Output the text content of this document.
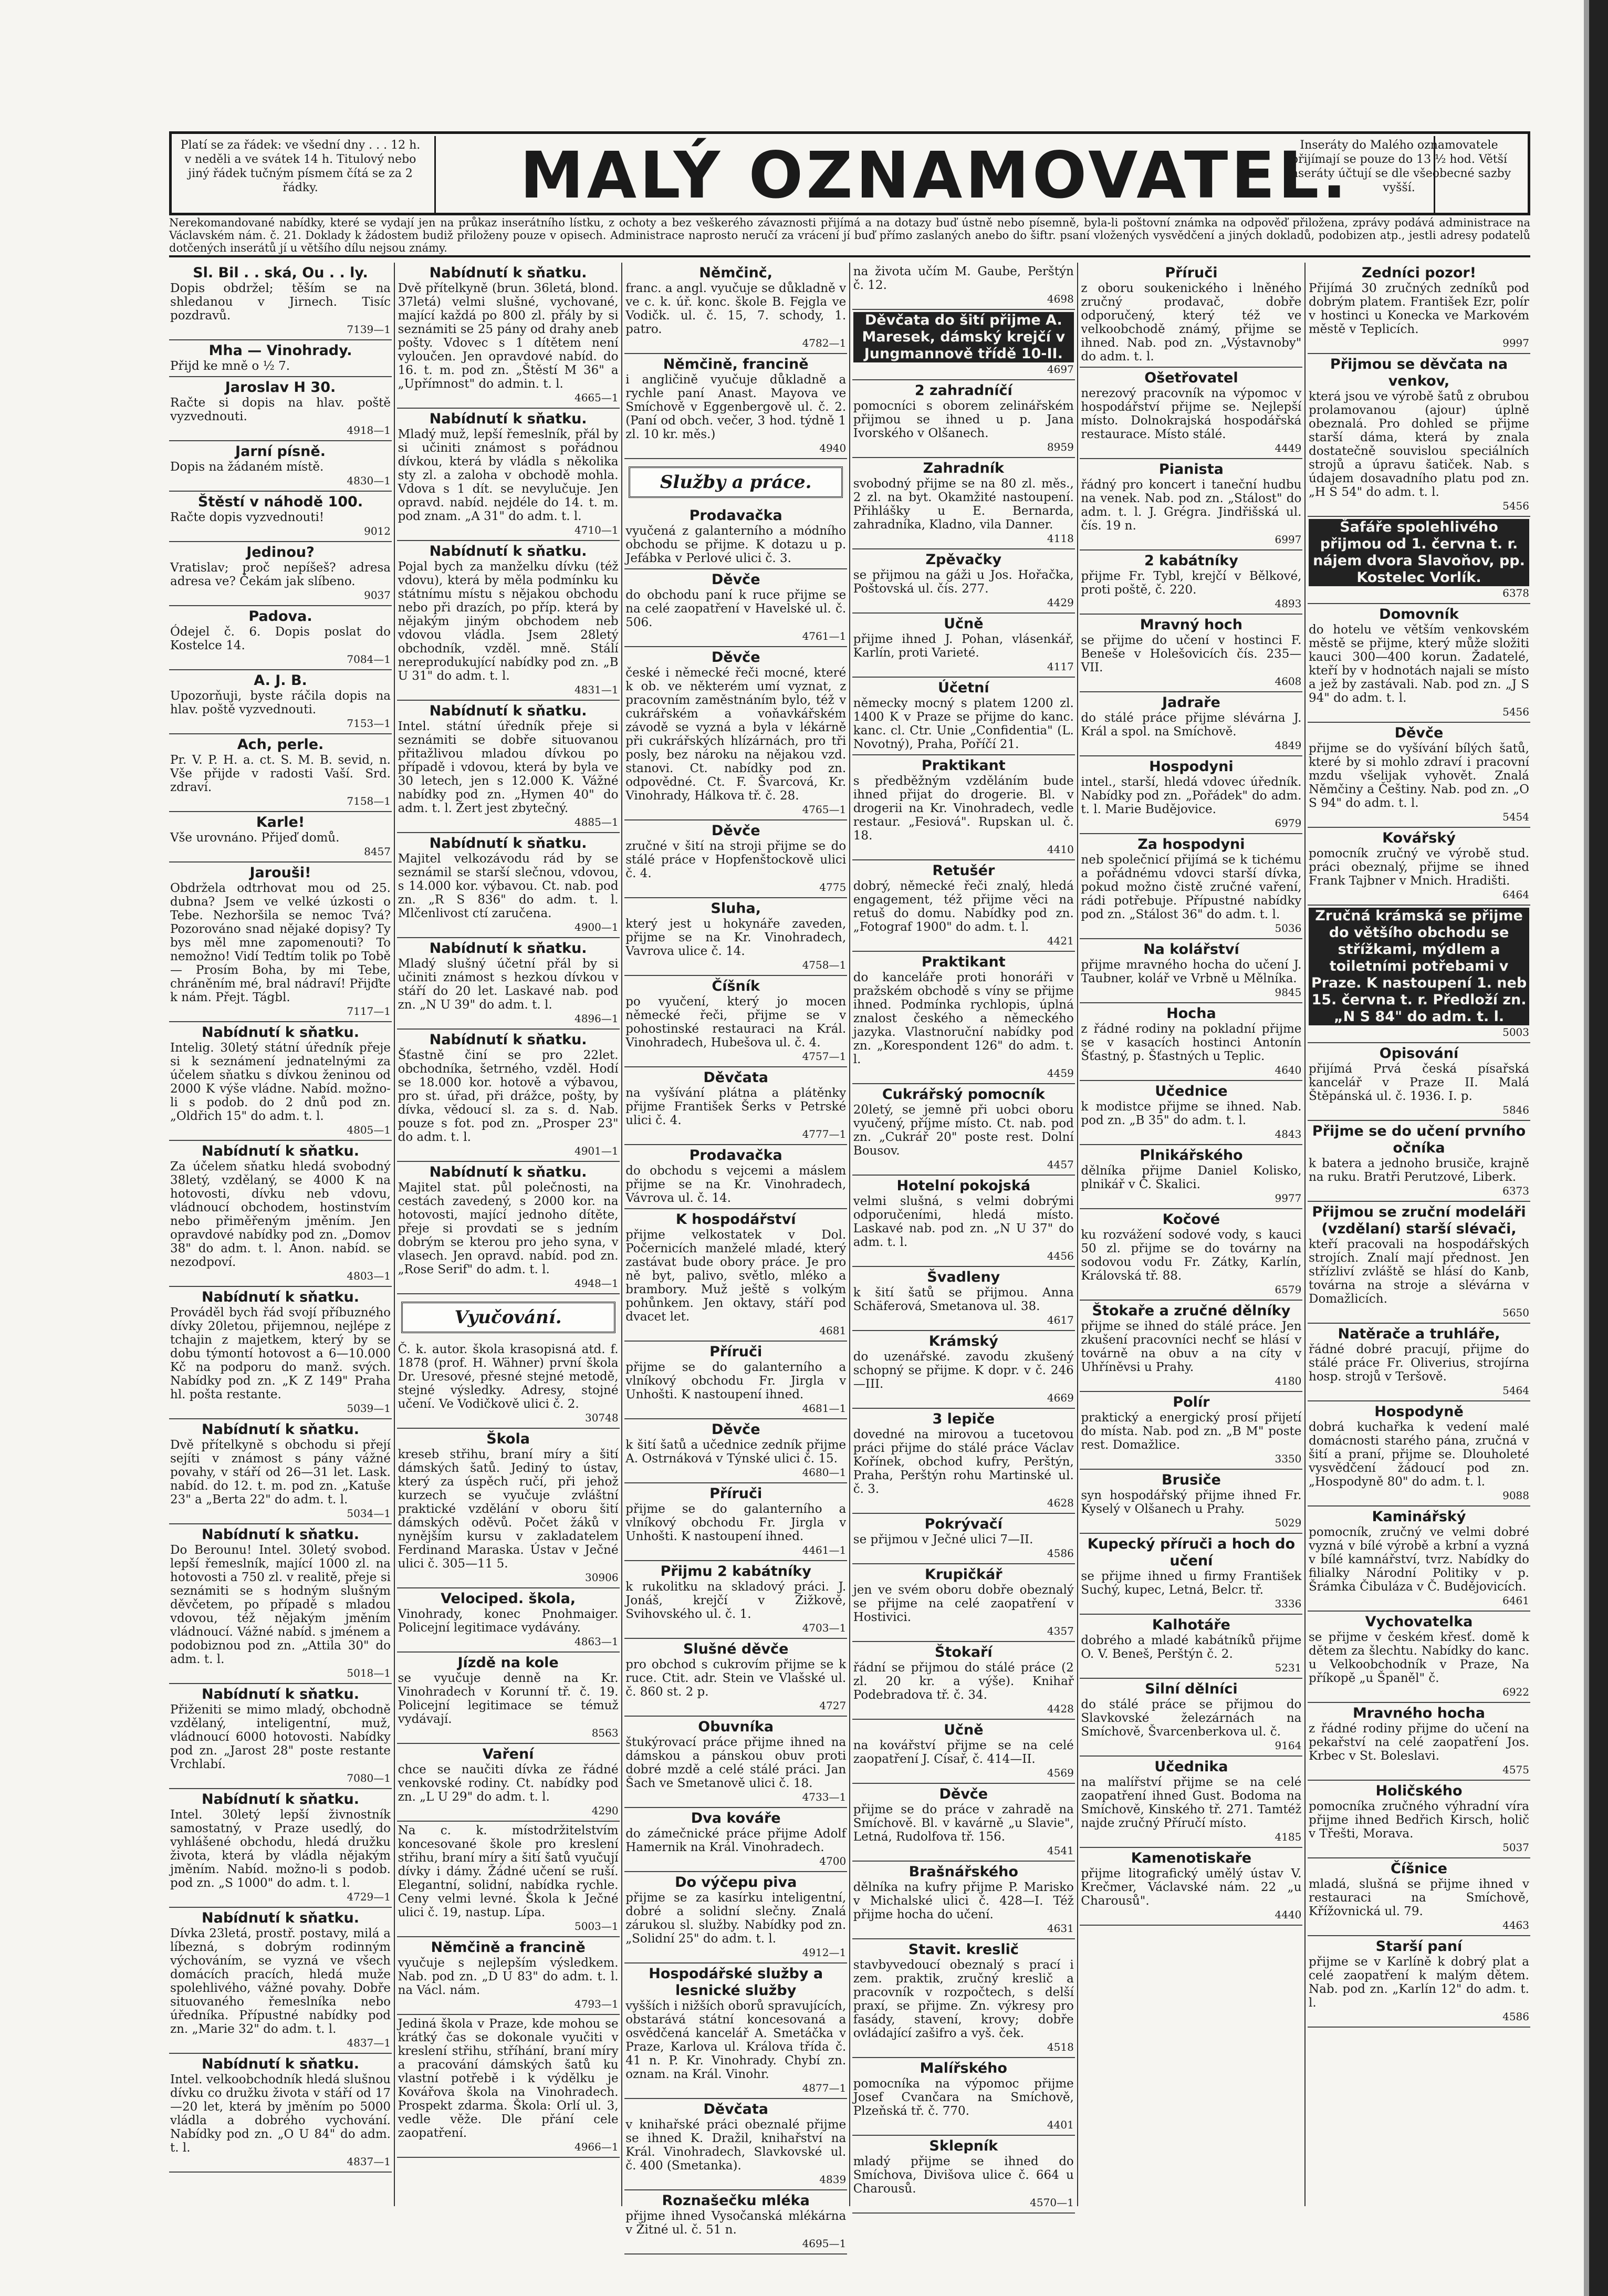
Platí se za řádek: ve všední dny . . . 12 h. v neděli a ve svátek 14 h. Titulový nebo jiný řádek tučným písmem čítá se za 2 řádky.	MALÝ OZNAMOVATEL.
Inseráty do Malého oznamovatele přijímají se pouze do 13 ½ hod. Větší inseráty účtují se dle všeobecné sazby vyšší.
Nerekomandované nabídky, které se vydají jen na průkaz inserátního lístku, z ochoty a bez veškerého závaznosti přijímá a na dotazy buď ústně nebo písemně, byla-li poštovní známka na odpověď přiložena, zprávy podává administrace na Václavském nám. č. 21. Doklady k žádostem budiž přiloženy pouze v opisech. Administrace naprosto neručí za vrácení jí buď přímo zaslaných anebo do šiftr. psaní vložených vysvědčení a jiných dokladů, podobizen atp., jestli adresy podatelů dotčených inserátů jí u většího dílu nejsou známy.
Sl. Bil . . ská, Ou . . ly.
Dopis obdržel; těším se na shledanou v Jirnech. Tisíc pozdravů.
7139—1
Mha — Vinohrady.
Přijd ke mně o ½ 7.
Jaroslav H 30.
Račte si dopis na hlav. poště vyzvednouti.
4918—1
Jarní písně.
Dopis na žádaném místě.
4830—1
Štěstí v náhodě 100.
Račte dopis vyzvednouti!
9012
Jedinou?
Vratislav; proč nepíšeš? adresa adresa ve? Čekám jak slíbeno.
9037
Padova.
Ódejel č. 6. Dopis poslat do Kostelce 14.
7084—1
A. J. B.
Upozorňuji, byste ráčila dopis na hlav. poště vyzvednouti.
7153—1
Ach, perle.
Pr. V. P. H. a. ct. S. M. B. sevid, n. Vše přijde v radosti Vaší. Srd. zdraví.
7158—1
Karle!
Vše urovnáno. Přijeď domů.
8457
Jarouši!
Obdržela odtrhovat mou od 25. dubna? Jsem ve velké úzkosti o Tebe. Nezhoršila se nemoc Tvá? Pozorováno snad nějaké dopisy? Ty bys měl mne zapomenouti? To nemožno! Vidí Tedtím tolik po Tobě — Prosím Boha, by mi Tebe, chráněním mé, bral nádraví! Přijďte k nám. Přejt. Tágbl.
7117—1
Nabídnutí k sňatku.
Intelig. 30letý státní úředník přeje si k seznámení jednatelnými za účelem sňatku s dívkou ženinou od 2000 K výše vládne. Nabíd. možno-li s podob. do 2 dnů pod zn. „Oldřich 15" do adm. t. l.
4805—1
Nabídnutí k sňatku.
Za účelem sňatku hledá svobodný 38letý, vzdělaný, se 4000 K na hotovosti, dívku neb vdovu, vládnoucí obchodem, hostinstvím nebo přiměřeným jměním. Jen opravdové nabídky pod zn. „Domov 38" do adm. t. l. Anon. nabíd. se nezodpoví.
4803—1
Nabídnutí k sňatku.
Prováděl bych řád svojí příbuzného dívky 20letou, přijemnou, nejlépe z tchajin z majetkem, který by se dobu týmontí hotovost a 6—10.000 Kč na podporu do manž. svých. Nabídky pod zn. „K Z 149" Praha hl. pošta restante.
5039—1
Nabídnutí k sňatku.
Dvě přítelkyně s obchodu si přejí sejíti v známost s pány vážné povahy, v stáří od 26—31 let. Lask. nabíd. do 12. t. m. pod zn. „Katuše 23" a „Berta 22" do adm. t. l.
5034—1
Nabídnutí k sňatku.
Do Berounu! Intel. 30letý svobod. lepší řemeslník, mající 1000 zl. na hotovosti a 750 zl. v realitě, přeje si seznámiti se s hodným slušným děvčetem, po případě s mladou vdovou, též nějakým jměním vládnoucí. Vážné nabíd. s jménem a podobiznou pod zn. „Attila 30" do adm. t. l.
5018—1
Nabídnutí k sňatku.
Přiženiti se mimo mladý, obchodně vzdělaný, inteligentní, muž, vládnoucí 6000 hotovosti. Nabídky pod zn. „Jarost 28" poste restante Vrchlabí.
7080—1
Nabídnutí k sňatku.
Intel. 30letý lepší živnostník samostatný, v Praze usedlý, do vyhlášené obchodu, hledá družku života, která by vládla nějakým jměním. Nabíd. možno-li s podob. pod zn. „S 1000" do adm. t. l.
4729—1
Nabídnutí k sňatku.
Dívka 23letá, prostř. postavy, milá a líbezná, s dobrým rodinným výchováním, se vyzná ve všech domácích pracích, hledá muže spolehlivého, vážné povahy. Dobře situovaného řemeslníka nebo úředníka. Přípustné nabídky pod zn. „Marie 32" do adm. t. l.
4837—1
Nabídnutí k sňatku.
Intel. velkoobchodník hledá slušnou dívku co družku života v stáří od 17—20 let, která by jměním po 5000 vládla a dobrého vychování. Nabídky pod zn. „O U 84" do adm. t. l.
4837—1
Nabídnutí k sňatku.
Dvě přítelkyně (brun. 36letá, blond. 37letá) velmi slušné, vychované, mající každá po 800 zl. přály by si seznámiti se 25 pány od drahy aneb pošty. Vdovec s 1 dítětem není vyloučen. Jen opravdové nabíd. do 16. t. m. pod zn. „Štěstí M 36" a „Upřímnost" do admin. t. l.
4665—1
Nabídnutí k sňatku.
Mladý muž, lepší řemeslník, přál by si učiniti známost s pořádnou dívkou, která by vládla s několika sty zl. a zaloha v obchodě mohla. Vdova s 1 dít. se nevylučuje. Jen opravd. nabíd. nejdéle do 14. t. m. pod znam. „A 31" do adm. t. l.
4710—1
Nabídnutí k sňatku.
Pojal bych za manželku dívku (též vdovu), která by měla podmínku ku státnímu místu s nějakou obchodu nebo při drazích, po příp. která by nějakým jiným obchodem neb vdovou vládla. Jsem 28letý obchodník, vzděl. mně. Stálí nereprodukující nabídky pod zn. „B U 31" do adm. t. l.
4831—1
Nabídnutí k sňatku.
Intel. státní úředník přeje si seznámiti se dobře situovanou přitažlivou mladou dívkou po případě i vdovou, která by byla ve 30 letech, jen s 12.000 K. Vážné nabídky pod zn. „Hymen 40" do adm. t. l. Žert jest zbytečný.
4885—1
Nabídnutí k sňatku.
Majitel velkozávodu rád by se seznámil se starší slečnou, vdovou, s 14.000 kor. výbavou. Ct. nab. pod zn. „R S 836" do adm. t. l. Mlčenlivost ctí zaručena.
4900—1
Nabídnutí k sňatku.
Mladý slušný účetní přál by si učiniti známost s hezkou dívkou v stáří do 20 let. Laskavé nab. pod zn. „N U 39" do adm. t. l.
4896—1
Nabídnutí k sňatku.
Šťastně činí se pro 22let. obchodníka, šetrného, vzděl. Hodí se 18.000 kor. hotově a výbavou, pro st. úřad, při drážce, pošty, by dívka, vědoucí sl. za s. d. Nab. pouze s fot. pod zn. „Prosper 23" do adm. t. l.
4901—1
Nabídnutí k sňatku.
Majitel stat. půl polečnosti, na cestách zavedený, s 2000 kor. na hotovosti, mající jednoho dítěte, přeje si provdati se s jedním dobrým se kterou pro jeho syna, v vlasech. Jen opravd. nabíd. pod zn. „Rose Serif" do adm. t. l.
4948—1
Vyučování.
Č. k. autor. škola krasopisná atd. f. 1878 (prof. H. Wähner) první škola Dr. Uresové, přesné stejné metodě, stejné výsledky. Adresy, stojné učení. Ve Vodičkově ulici č. 2.
30748
Škola
kreseb střihu, braní míry a šití dámských šatů. Jediný to ústav, který za úspěch ručí, při jehož kurzech se vyučuje zvláštní praktické vzdělání v oboru šití dámských oděvů. Počet žáků v nynějším kursu v zakladatelem Ferdinand Maraska. Ústav v Ječné ulici č. 305—11 5.
30906
Velociped. škola,
Vinohrady, konec Pnohmaiger. Policejní legitimace vydávány.
4863—1
Jízdě na kole
se vyučuje denně na Kr. Vinohradech v Korunní tř. č. 19. Policejní legitimace se témuž vydávají.
8563
Vaření
chce se naučiti dívka ze řádné venkovské rodiny. Ct. nabídky pod zn. „L U 29" do adm. t. l.
4290
Na c. k. místodržitelstvím koncesované škole pro kreslení střihu, braní míry a šití šatů vyučují dívky i dámy. Žádné učení se ruší. Elegantní, solidní, nabídka rychle. Ceny velmi levné. Škola k Ječné ulici č. 19, nastup. Lípa.
5003—1
Němčině a francině
vyučuje s nejlepším výsledkem. Nab. pod zn. „D U 83" do adm. t. l. na Václ. nám.
4793—1
Jediná škola v Praze, kde mohou se krátký čas se dokonale vyučiti v kreslení střihu, stříhání, braní míry a pracování dámských šatů ku vlastní potřebě i k výdělku je Kovářova škola na Vinohradech. Prospekt zdarma. Škola: Orlí ul. 3, vedle věže. Dle přání cele zaopatření.
4966—1
Němčinč,
franc. a angl. vyučuje se důkladně v ve c. k. úř. konc. škole B. Fejgla ve Vodičk. ul. č. 15, 7. schody, 1. patro.
4782—1
Němčině, francině
i angličině vyučuje důkladně a rychle paní Anast. Mayova ve Smíchově v Eggenbergově ul. č. 2. (Paní od obch. večer, 3 hod. týdně 1 zl. 10 kr. měs.)
4940
Služby a práce.
Prodavačka
vyučená z galanterního a módního obchodu se přijme. K dotazu u p. Jefábka v Perlové ulici č. 3.
Děvče
do obchodu paní k ruce přijme se na celé zaopatření v Havelské ul. č. 506.
4761—1
Děvče
české i německé řeči mocné, které k ob. ve některém umí vyznat, z pracovním zaměstnáním bylo, též v cukrářském a voňavkářském závodě se vyzná a byla v lékárně při cukrářských hlízárnách, pro tři posly, bez nároku na nějakou vzd. stanovi. Ct. nabídky pod zn. odpovědné. Ct. F. Švarcová, Kr. Vinohrady, Hálkova tř. č. 28.
4765—1
Děvče
zručné v šití na stroji přijme se do stálé práce v Hopfenštockově ulici č. 4.
4775
Sluha,
který jest u hokynáře zaveden, přijme se na Kr. Vinohradech, Vavrova ulice č. 14.
4758—1
Číšník
po vyučení, který jo mocen německé řeči, přijme se v pohostinské restauraci na Král. Vinohradech, Hubešova ul. č. 4.
4757—1
Děvčata
na vyšívání plátna a plátěnky přijme František Šerks v Petrské ulici č. 4.
4777—1
Prodavačka
do obchodu s vejcemi a máslem přijme se na Kr. Vinohradech, Vávrova ul. č. 14.
K hospodářství
přijme velkostatek v Dol. Počernicích manželé mladé, který zastávat bude obory práce. Je pro ně byt, palivo, světlo, mléko a brambory. Muž ještě s volkým pohůnkem. Jen oktavy, stáří pod dvacet let.
4681
Příruči
přijme se do galanterního a vlníkový obchodu Fr. Jirgla v Unhošti. K nastoupení ihned.
4681—1
Děvče
k šití šatů a učednice zedník přijme A. Ostrnáková v Týnské ulici č. 15.
4680—1
Příruči
přijme se do galanterního a vlníkový obchodu Fr. Jirgla v Unhošti. K nastoupení ihned.
4461—1
Přijmu 2 kabátníky
k rukolitku na skladový práci. J. Jonáš, krejčí v Žižkově, Svihovského ul. č. 1.
4703—1
Slušné děvče
pro obchod s cukrovím přijme se k ruce. Ctit. adr. Stein ve Vlašské ul. č. 860 st. 2 p.
4727
Obuvníka
štukýrovací práce přijme ihned na dámskou a pánskou obuv proti dobré mzdě a celé stálé práci. Jan Šach ve Smetanově ulici č. 18.
4733—1
Dva kováře
do zámečnické práce přijme Adolf Hamernik na Král. Vinohradech.
4700
Do výčepu piva
přijme se za kasírku inteligentní, dobré a solidní slečny. Znalá zárukou sl. služby. Nabídky pod zn. „Solidní 25" do adm. t. l.
4912—1
Hospodářské služby a lesnické služby
vyšších i nižších oborů spravujících, obstarává státní koncesovaná a osvědčená kancelář A. Smetáčka v Praze, Karlova ul. Králova třída č. 41 n. P. Kr. Vinohrady. Chybí zn. oznam. na Král. Vinohr.
4877—1
Děvčata
v knihařské práci obeznalé přijme se ihned K. Dražil, knihařství na Král. Vinohradech, Slavkovské ul. č. 400 (Smetanka).
4839
Roznašečku mléka
přijme ihned Vysočanská mlékárna v Žitné ul. č. 51 n.
4695—1
na života učím M. Gaube, Perštýn č. 12.
4698
Děvčata do šití přijme A. Maresek, dámský krejčí v Jungmannově třídě 10-II.
4697
2 zahradníčí
pomocníci s oborem zelinářském přijmou se ihned u p. Jana Ivorského v Olšanech.
8959
Zahradník
svobodný přijme se na 80 zl. měs., 2 zl. na byt. Okamžité nastoupení. Přihlášky u E. Bernarda, zahradníka, Kladno, vila Danner.
4118
Zpěvačky
se přijmou na gáži u Jos. Hořačka, Poštovská ul. čís. 277.
4429
Učně
přijme ihned J. Pohan, vlásenkář, Karlín, proti Varieté.
4117
Účetní
německy mocný s platem 1200 zl. 1400 K v Praze se přijme do kanc. kanc. cl. Ctr. Unie „Confidentia" (L. Novotný), Praha, Poříčí 21.
Praktikant
s předběžným vzděláním bude ihned přijat do drogerie. Bl. v drogerii na Kr. Vinohradech, vedle restaur. „Fesiová". Rupskan ul. č. 18.
4410
Retušér
dobrý, německé řeči znalý, hledá engagement, též přijme věci na retuš do domu. Nabídky pod zn. „Fotograf 1900" do adm. t. l.
4421
Praktikant
do kanceláře proti honoráři v pražském obchodě s víny se přijme ihned. Podmínka rychlopis, úplná znalost českého a německého jazyka. Vlastnoruční nabídky pod zn. „Korespondent 126" do adm. t. l.
4459
Cukrářský pomocník
20letý, se jemně při uobci oboru vyučený, příjme místo. Ct. nab. pod zn. „Cukrář 20" poste rest. Dolní Bousov.
4457
Hotelní pokojská
velmi slušná, s velmi dobrými odporučeními, hledá místo. Laskavé nab. pod zn. „N U 37" do adm. t. l.
4456
Švadleny
k šití šatů se přijmou. Anna Schäferová, Smetanova ul. 38.
4617
Krámský
do uzenářské. zavodu zkušený schopný se přijme. K dopr. v č. 246—III.
4669
3 lepiče
dovedné na mirovou a tucetovou práci přijme do stálé práce Václav Kořínek, obchod kufry, Perštýn, Praha, Perštýn rohu Martinské ul. č. 3.
4628
Pokrývačí
se přijmou v Ječné ulici 7—II.
4586
Krupičkář
jen ve svém oboru dobře obeznalý se přijme na celé zaopatření v Hostivici.
4357
Štokaří
řádní se přijmou do stálé práce (2 zl. 20 kr. a výše). Knihař Podebradova tř. č. 34.
4428
Učně
na kovářství přijme se na celé zaopatření J. Císař, č. 414—II.
4569
Děvče
přijme se do práce v zahradě na Smíchově. Bl. v kavárně „u Slavie", Letná, Rudolfova tř. 156.
4541
Brašnářského
dělníka na kufry přijme P. Marisko v Michalské ulici č. 428—I. Též přijme hocha do učení.
4631
Stavit. kreslič
stavbyvedoucí obeznalý s prací i zem. praktik, zručný kreslič a pracovník v rozpočtech, s delší praxí, se přijme. Zn. výkresy pro fasády, stavení, krovy; dobře ovládající zašifro a vyš. ček.
4518
Malířského
pomocníka na výpomoc přijme Josef Cvančara na Smíchově, Plzeňská tř. č. 770.
4401
Sklepník
mladý přijme se ihned do Smíchova, Divišova ulice č. 664 u Charousů.
4570—1
Příruči
z oboru soukenického i lněného zručný prodavač, dobře odporučený, který též ve velkoobchodě známý, přijme se ihned. Nab. pod zn. „Výstavnoby" do adm. t. l.
Ošetřovatel
nerezový pracovník na výpomoc v hospodářství přijme se. Nejlepší místo. Dolnokrajská hospodářská restaurace. Místo stálé.
4449
Pianista
řádný pro koncert i taneční hudbu na venek. Nab. pod zn. „Stálost" do adm. t. l. J. Grégra. Jindřišská ul. čís. 19 n.
6997
2 kabátníky
přijme Fr. Tybl, krejčí v Bělkové, proti poště, č. 220.
4893
Mravný hoch
se přijme do učení v hostinci F. Beneše v Holešovicích čís. 235—VII.
4608
Jadraře
do stálé práce přijme slévárna J. Král a spol. na Smíchově.
4849
Hospodyni
intel., starší, hledá vdovec úředník. Nabídky pod zn. „Pořádek" do adm. t. l. Marie Budějovice.
6979
Za hospodyni
neb společnicí přijímá se k tichému a pořádnému vdovci starší dívka, pokud možno čistě zručné vaření, rádi potřebuje. Přípustné nabídky pod zn. „Stálost 36" do adm. t. l.
5036
Na kolářství
přijme mravného hocha do učení J. Taubner, kolář ve Vrbně u Mělníka.
9845
Hocha
z řádné rodiny na pokladní přijme se v kasacích hostinci Antonín Šťastný, p. Šťastných u Teplic.
4640
Učednice
k modistce přijme se ihned. Nab. pod zn. „B 35" do adm. t. l.
4843
Plnikářského
dělníka přijme Daniel Kolisko, plnikář v Č. Skalici.
9977
Kočové
ku rozvážení sodové vody, s kauci 50 zl. přijme se do továrny na sodovou vodu Fr. Zátky, Karlín, Královská tř. 88.
6579
Štokaře a zručné dělníky
přijme se ihned do stálé práce. Jen zkušení pracovníci nechť se hlásí v továrně na obuv a na cíty v Uhříněvsi u Prahy.
4180
Polír
praktický a energický prosí přijetí do místa. Nab. pod zn. „B M" poste rest. Domažlice.
3350
Brusiče
syn hospodářský přijme ihned Fr. Kyselý v Olšanech u Prahy.
5029
Kupecký příruči a hoch do učení
se přijme ihned u firmy František Suchý, kupec, Letná, Belcr. tř.
3336
Kalhotáře
dobrého a mladé kabátníků přijme O. V. Beneš, Perštýn č. 2.
5231
Silní dělníci
do stálé práce se přijmou do Slavkovské železárnách na Smíchově, Švarcenberkova ul. č.
9164
Učednika
na malířství přijme se na celé zaopatření ihned Gust. Bodoma na Smíchově, Kinského tř. 271. Tamtéž najde zručný Příručí místo.
4185
Kamenotiskaře
přijme litografický umělý ústav V. Krečmer, Václavské nám. 22 „u Charousů".
4440
Zedníci pozor!
Přijímá 30 zručných zedníků pod dobrým platem. František Ezr, polír v hostinci u Konecka ve Markovém městě v Teplicích.
9997
Přijmou se děvčata na venkov,
která jsou ve výrobě šatů z obrubou prolamovanou (ajour) úplně obeznalá. Pro dohled se přijme starší dáma, která by znala dostatečně souvislou speciálních strojů a úpravu šatiček. Nab. s údajem dosavadního platu pod zn. „H S 54" do adm. t. l.
5456
Šafáře spolehlivého přijmou od 1. června t. r. nájem dvora Slavoňov, pp. Kostelec Vorlík.
6378
Domovník
do hotelu ve větším venkovském městě se přijme, který může složiti kauci 300—400 korun. Žadatelé, kteří by v hodnotách najali se místo a jež by zastávali. Nab. pod zn. „J S 94" do adm. t. l.
5456
Děvče
přijme se do vyšívání bílých šatů, které by si mohlo zdraví i pracovní mzdu všelijak vyhovět. Znalá Němčiny a Češtiny. Nab. pod zn. „O S 94" do adm. t. l.
5454
Kovářský
pomocník zručný ve výrobě stud. práci obeznalý, přijme se ihned Frank Tajbner v Mnich. Hradišti.
6464
Zručná krámská se přijme do většího obchodu se střížkami, mýdlem a toiletními potřebami v Praze. K nastoupení 1. neb 15. června t. r. Předloží zn. „N S 84" do adm. t. l.
5003
Opisování
přijímá Prvá česká písařská kancelář v Praze II. Malá Štěpánská ul. č. 1936. I. p.
5846
Přijme se do učení prvního očníka
k batera a jednoho brusiče, krajně na ruku. Bratři Perutzové, Liberk.
6373
Přijmou se zruční modeláři (vzdělaní) starší slévači,
kteří pracovali na hospodářských strojích. Znalí mají přednost. Jen střízliví zvláště se hlásí do Kanb, továrna na stroje a slévárna v Domažlicích.
5650
Natěrače a truhláře,
řádné dobré pracují, přijme do stálé práce Fr. Oliverius, strojírna hosp. strojů v Teršově.
5464
Hospodyně
dobrá kuchařka k vedení malé domácnosti starého pána, zručná v šití a praní, přijme se. Dlouholeté vysvědčení žádoucí pod zn. „Hospodyně 80" do adm. t. l.
9088
Kaminářský
pomocník, zručný ve velmi dobré vyzná v bílé výrobě a krbní a vyzná v bílé kamnářství, tvrz. Nabídky do filialky Národní Politiky v p. Šrámka Čibuláza v Č. Budějovicích.
6461
Vychovatelka
se přijme v českém křesť. domě k dětem za šlechtu. Nabídky do kanc. u Velkoobchodník v Praze, Na příkopě „u Španěl" č.
6922
Mravného hocha
z řádné rodiny přijme do učení na pekařství na celé zaopatření Jos. Krbec v St. Boleslavi.
4575
Holičského
pomocníka zručného výhradní víra přijme ihned Bedřich Kirsch, holič v Třešti, Morava.
5037
Číšnice
mladá, slušná se přijme ihned v restauraci na Smíchově, Křížovnická ul. 79.
4463
Starší paní
přijme se v Karlíně k dobrý plat a celé zaopatření k malým dětem. Nab. pod zn. „Karlín 12" do adm. t. l.
4586
